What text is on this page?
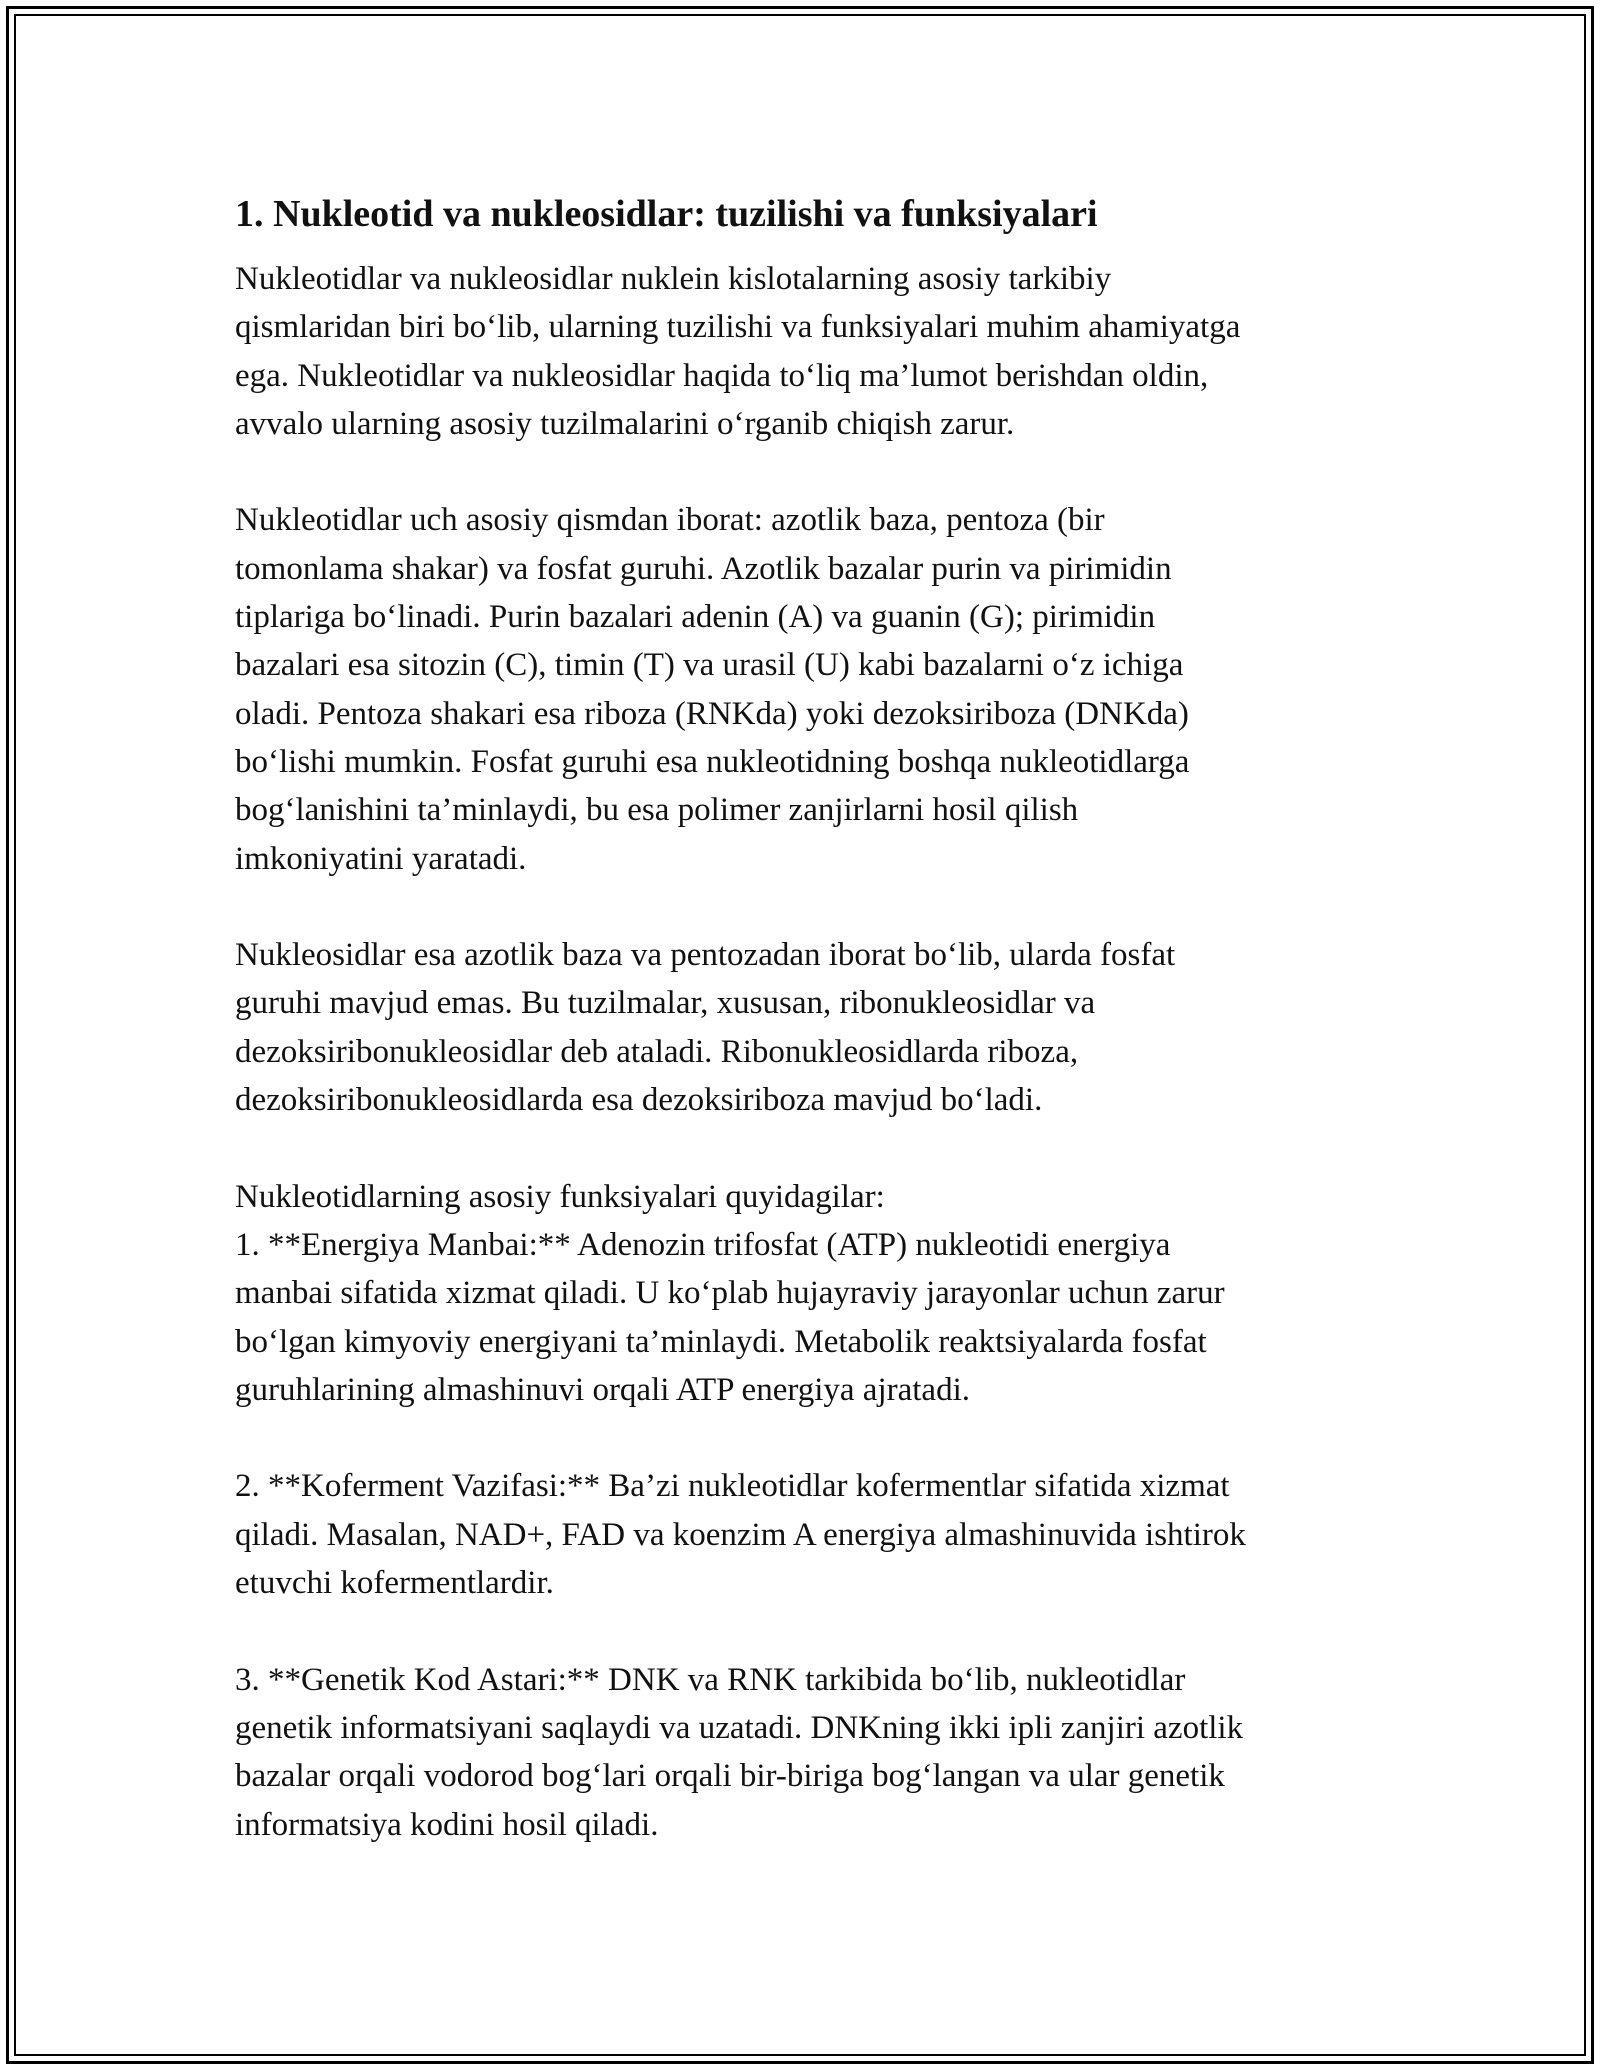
1. Nukleotid va nukleosidlar: tuzilishi va funksiyalari

Nukleotidlar va nukleosidlar nuklein kislotalarning asosiy tarkibiy
qismlaridan biri bo‘lib, ularning tuzilishi va funksiyalari muhim ahamiyatga
ega. Nukleotidlar va nukleosidlar haqida to‘liq ma’lumot berishdan oldin,
avvalo ularning asosiy tuzilmalarini o‘rganib chiqish zarur.

Nukleotidlar uch asosiy qismdan iborat: azotlik baza, pentoza (bir
tomonlama shakar) va fosfat guruhi. Azotlik bazalar purin va pirimidin
tiplariga bo‘linadi. Purin bazalari adenin (A) va guanin (G); pirimidin
bazalari esa sitozin (C), timin (T) va urasil (U) kabi bazalarni o‘z ichiga
oladi. Pentoza shakari esa riboza (RNKda) yoki dezoksiriboza (DNKda)
bo‘lishi mumkin. Fosfat guruhi esa nukleotidning boshqa nukleotidlarga
bog‘lanishini ta’minlaydi, bu esa polimer zanjirlarni hosil qilish
imkoniyatini yaratadi.

Nukleosidlar esa azotlik baza va pentozadan iborat bo‘lib, ularda fosfat
guruhi mavjud emas. Bu tuzilmalar, xususan, ribonukleosidlar va
dezoksiribonukleosidlar deb ataladi. Ribonukleosidlarda riboza,
dezoksiribonukleosidlarda esa dezoksiriboza mavjud bo‘ladi.

Nukleotidlarning asosiy funksiyalari quyidagilar:
1. **Energiya Manbai:** Adenozin trifosfat (ATP) nukleotidi energiya
manbai sifatida xizmat qiladi. U ko‘plab hujayraviy jarayonlar uchun zarur
bo‘lgan kimyoviy energiyani ta’minlaydi. Metabolik reaktsiyalarda fosfat
guruhlarining almashinuvi orqali ATP energiya ajratadi.

2. **Koferment Vazifasi:** Ba’zi nukleotidlar kofermentlar sifatida xizmat
qiladi. Masalan, NAD+, FAD va koenzim A energiya almashinuvida ishtirok
etuvchi kofermentlardir.

3. **Genetik Kod Astari:** DNK va RNK tarkibida bo‘lib, nukleotidlar
genetik informatsiyani saqlaydi va uzatadi. DNKning ikki ipli zanjiri azotlik
bazalar orqali vodorod bog‘lari orqali bir-biriga bog‘langan va ular genetik
informatsiya kodini hosil qiladi.
